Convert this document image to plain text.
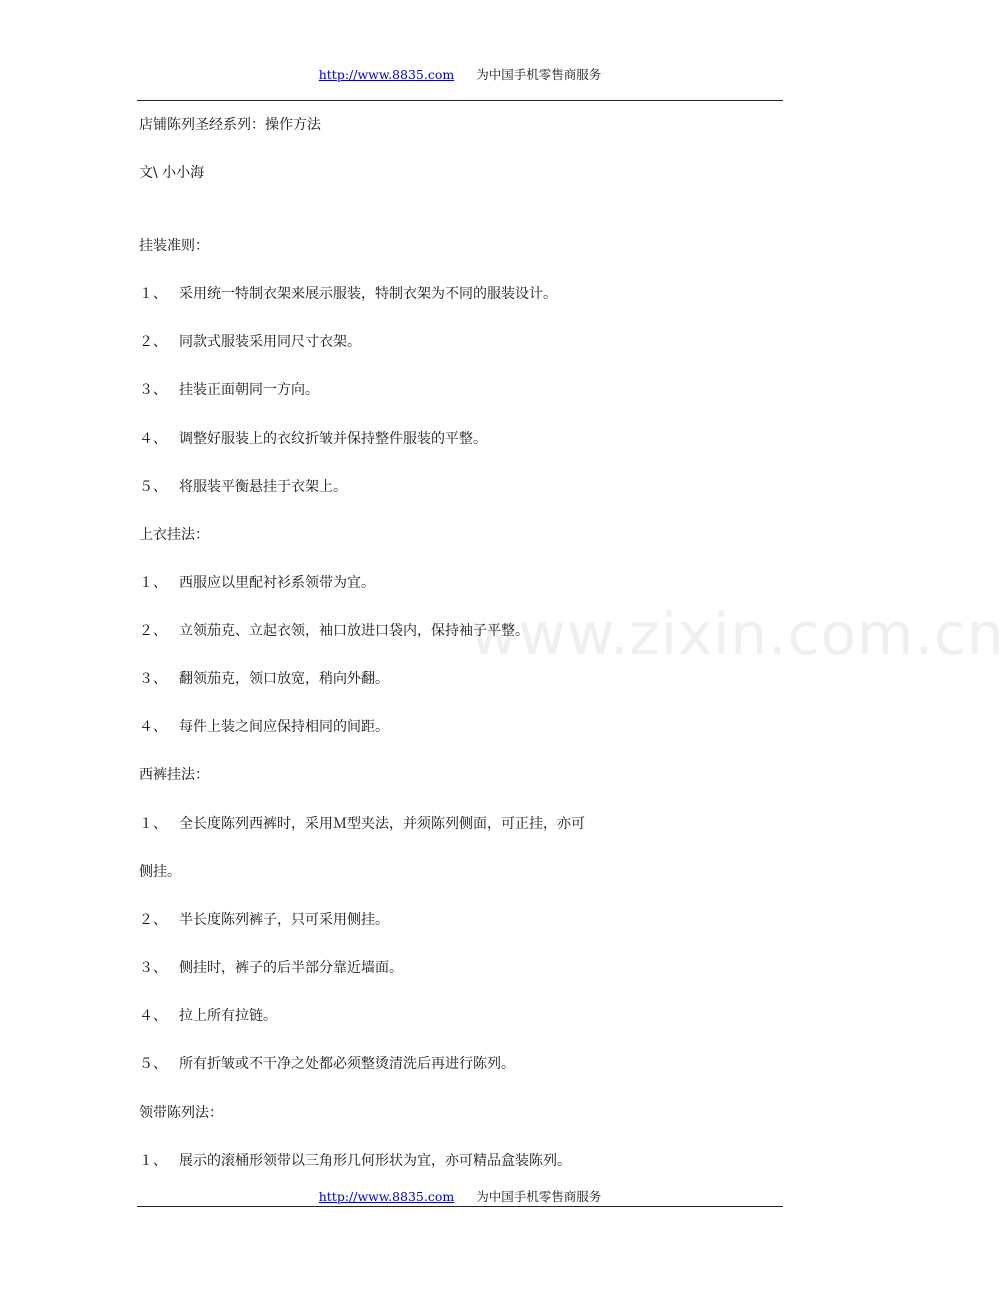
http://www.8835.com 为中国手机零售商服务
www.zixin.com.cn
店铺陈列圣经系列：操作方法
文\ 小小海
挂装准则：
１、 采用统一特制衣架来展示服装，特制衣架为不同的服装设计。
２、 同款式服装采用同尺寸衣架。
３、 挂装正面朝同一方向。
４、 调整好服装上的衣纹折皱并保持整件服装的平整。
５、 将服装平衡悬挂于衣架上。
上衣挂法：
１、 西服应以里配衬衫系领带为宜。
２、 立领茄克、立起衣领，袖口放进口袋内，保持袖子平整。
３、 翻领茄克，领口放宽，稍向外翻。
４、 每件上装之间应保持相同的间距。
西裤挂法：
１、 全长度陈列西裤时，采用Ｍ型夹法，并须陈列侧面，可正挂，亦可
侧挂。
２、 半长度陈列裤子，只可采用侧挂。
３、 侧挂时，裤子的后半部分靠近墙面。
４、 拉上所有拉链。
５、 所有折皱或不干净之处都必须整烫清洗后再进行陈列。
领带陈列法：
１、 展示的滚桶形领带以三角形几何形状为宜，亦可精品盒装陈列。
http://www.8835.com 为中国手机零售商服务
